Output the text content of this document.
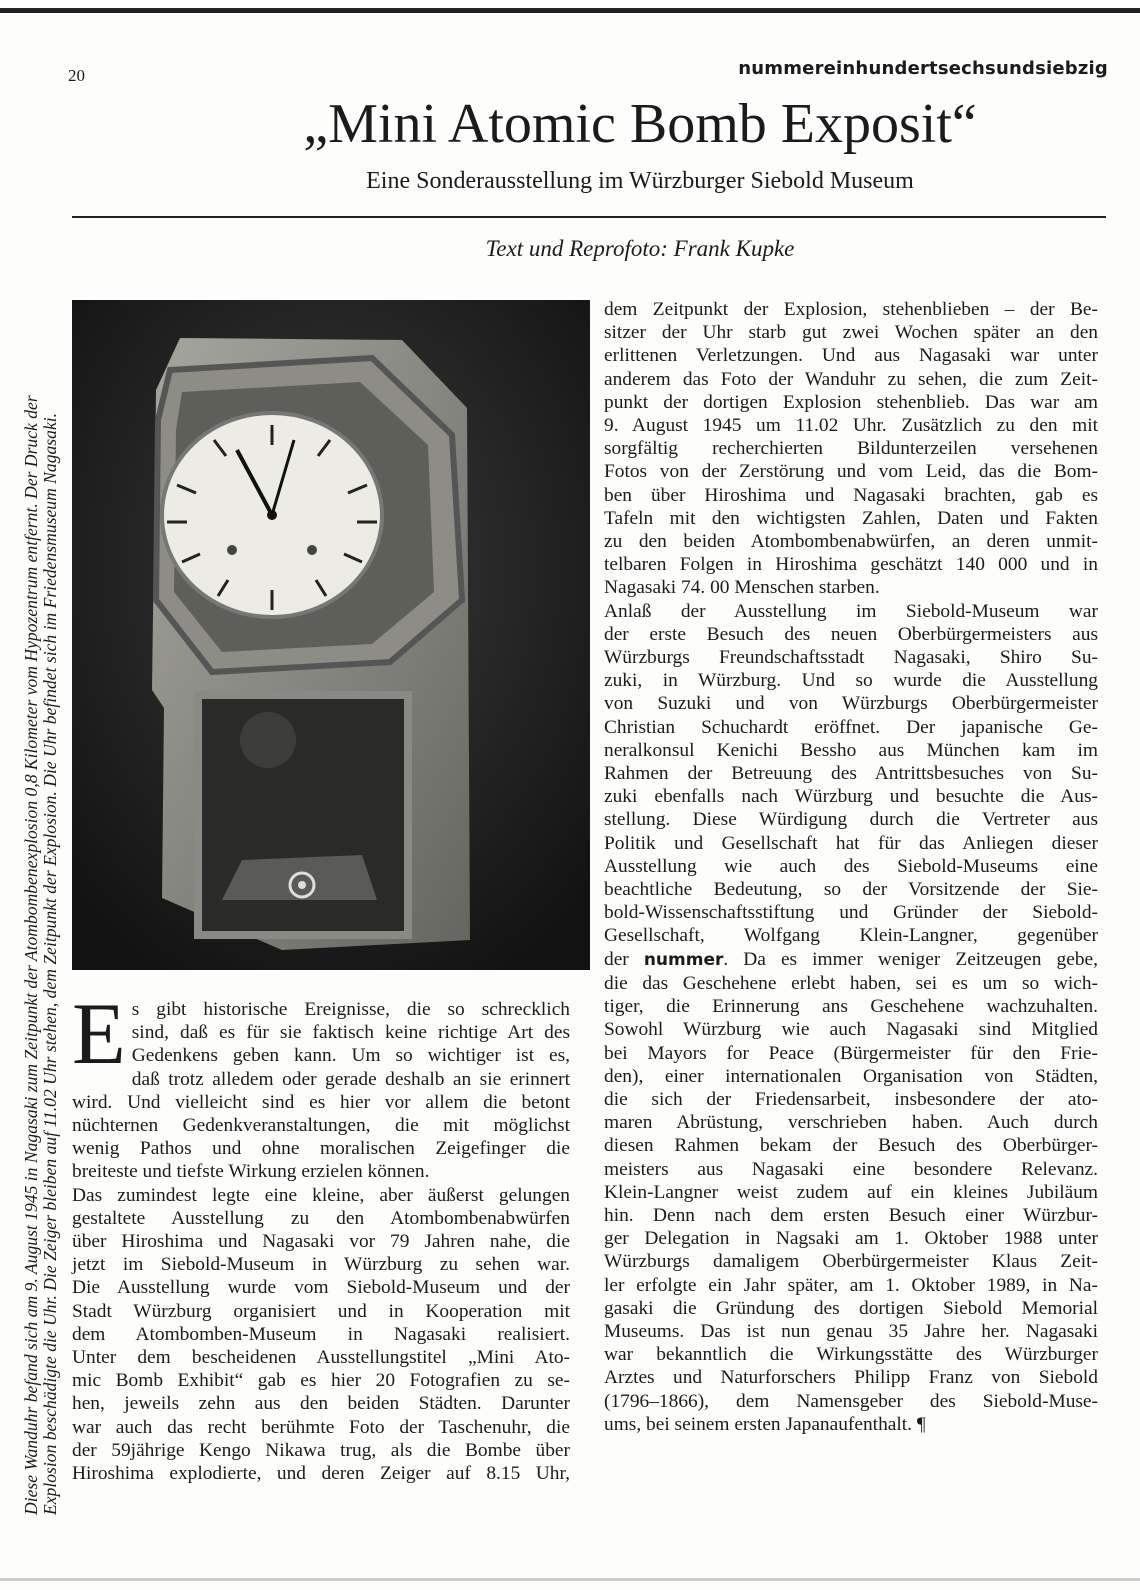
20	nummereinhundertsechsundsiebzig
„Mini Atomic Bomb Exposit“
Eine Sonderausstellung im Würzburger Siebold Museum
Text und Reprofoto: Frank Kupke
Diese Wanduhr befand sich am 9. August 1945 in Nagasaki zum Zeitpunkt der Atombombenexplosion 0,8 Kilometer vom Hypozentrum entfernt. Der Druck der Explosion beschädigte die Uhr. Die Zeiger bleiben auf 11.02 Uhr stehen, dem Zeitpunkt der Explosion. Die Uhr befindet sich im Friedensmuseum Nagasaki. E s gibt historische Ereignisse, die so schrecklich
sind, daß es für sie faktisch keine richtige Art des
Gedenkens geben kann. Um so wichtiger ist es,
daß trotz alledem oder gerade deshalb an sie erinnert
wird. Und vielleicht sind es hier vor allem die betont
nüchternen Gedenkveranstaltungen, die mit möglichst
wenig Pathos und ohne moralischen Zeigefinger die
breiteste und tiefste Wirkung erzielen können.

Das zumindest legte eine kleine, aber äußerst gelungen
gestaltete Ausstellung zu den Atombombenabwürfen
über Hiroshima und Nagasaki vor 79 Jahren nahe, die
jetzt im Siebold-Museum in Würzburg zu sehen war.
Die Ausstellung wurde vom Siebold-Museum und der
Stadt Würzburg organisiert und in Kooperation mit
dem Atombomben-Museum in Nagasaki realisiert.
Unter dem bescheidenen Ausstellungstitel „Mini Ato-
mic Bomb Exhibit“ gab es hier 20 Fotografien zu se-
hen, jeweils zehn aus den beiden Städten. Darunter
war auch das recht berühmte Foto der Taschenuhr, die
der 59jährige Kengo Nikawa trug, als die Bombe über
Hiroshima explodierte, und deren Zeiger auf 8.15 Uhr,

dem Zeitpunkt der Explosion, stehenblieben – der Be-
sitzer der Uhr starb gut zwei Wochen später an den
erlittenen Verletzungen. Und aus Nagasaki war unter
anderem das Foto der Wanduhr zu sehen, die zum Zeit-
punkt der dortigen Explosion stehenblieb. Das war am
9. August 1945 um 11.02 Uhr. Zusätzlich zu den mit
sorgfältig recherchierten Bildunterzeilen versehenen
Fotos von der Zerstörung und vom Leid, das die Bom-
ben über Hiroshima und Nagasaki brachten, gab es
Tafeln mit den wichtigsten Zahlen, Daten und Fakten
zu den beiden Atombombenabwürfen, an deren unmit-
telbaren Folgen in Hiroshima geschätzt 140 000 und in
Nagasaki 74. 00 Menschen starben.

Anlaß der Ausstellung im Siebold-Museum war
der erste Besuch des neuen Oberbürgermeisters aus
Würzburgs Freundschaftsstadt Nagasaki, Shiro Su-
zuki, in Würzburg. Und so wurde die Ausstellung
von Suzuki und von Würzburgs Oberbürgermeister
Christian Schuchardt eröffnet. Der japanische Ge-
neralkonsul Kenichi Bessho aus München kam im
Rahmen der Betreuung des Antrittsbesuches von Su-
zuki ebenfalls nach Würzburg und besuchte die Aus-
stellung. Diese Würdigung durch die Vertreter aus
Politik und Gesellschaft hat für das Anliegen dieser
Ausstellung wie auch des Siebold-Museums eine
beachtliche Bedeutung, so der Vorsitzende der Sie-
bold-Wissenschaftsstiftung und Gründer der Siebold-
Gesellschaft, Wolfgang Klein-Langner, gegenüber
der nummer. Da es immer weniger Zeitzeugen gebe,
die das Geschehene erlebt haben, sei es um so wich-
tiger, die Erinnerung ans Geschehene wachzuhalten.
Sowohl Würzburg wie auch Nagasaki sind Mitglied
bei Mayors for Peace (Bürgermeister für den Frie-
den), einer internationalen Organisation von Städten,
die sich der Friedensarbeit, insbesondere der ato-
maren Abrüstung, verschrieben haben. Auch durch
diesen Rahmen bekam der Besuch des Oberbürger-
meisters aus Nagasaki eine besondere Relevanz.
Klein-Langner weist zudem auf ein kleines Jubiläum
hin. Denn nach dem ersten Besuch einer Würzbur-
ger Delegation in Nagsaki am 1. Oktober 1988 unter
Würzburgs damaligem Oberbürgermeister Klaus Zeit-
ler erfolgte ein Jahr später, am 1. Oktober 1989, in Na-
gasaki die Gründung des dortigen Siebold Memorial
Museums. Das ist nun genau 35 Jahre her. Nagasaki
war bekanntlich die Wirkungsstätte des Würzburger
Arztes und Naturforschers Philipp Franz von Siebold
(1796–1866), dem Namensgeber des Siebold-Muse-
ums, bei seinem ersten Japanaufenthalt. ¶
